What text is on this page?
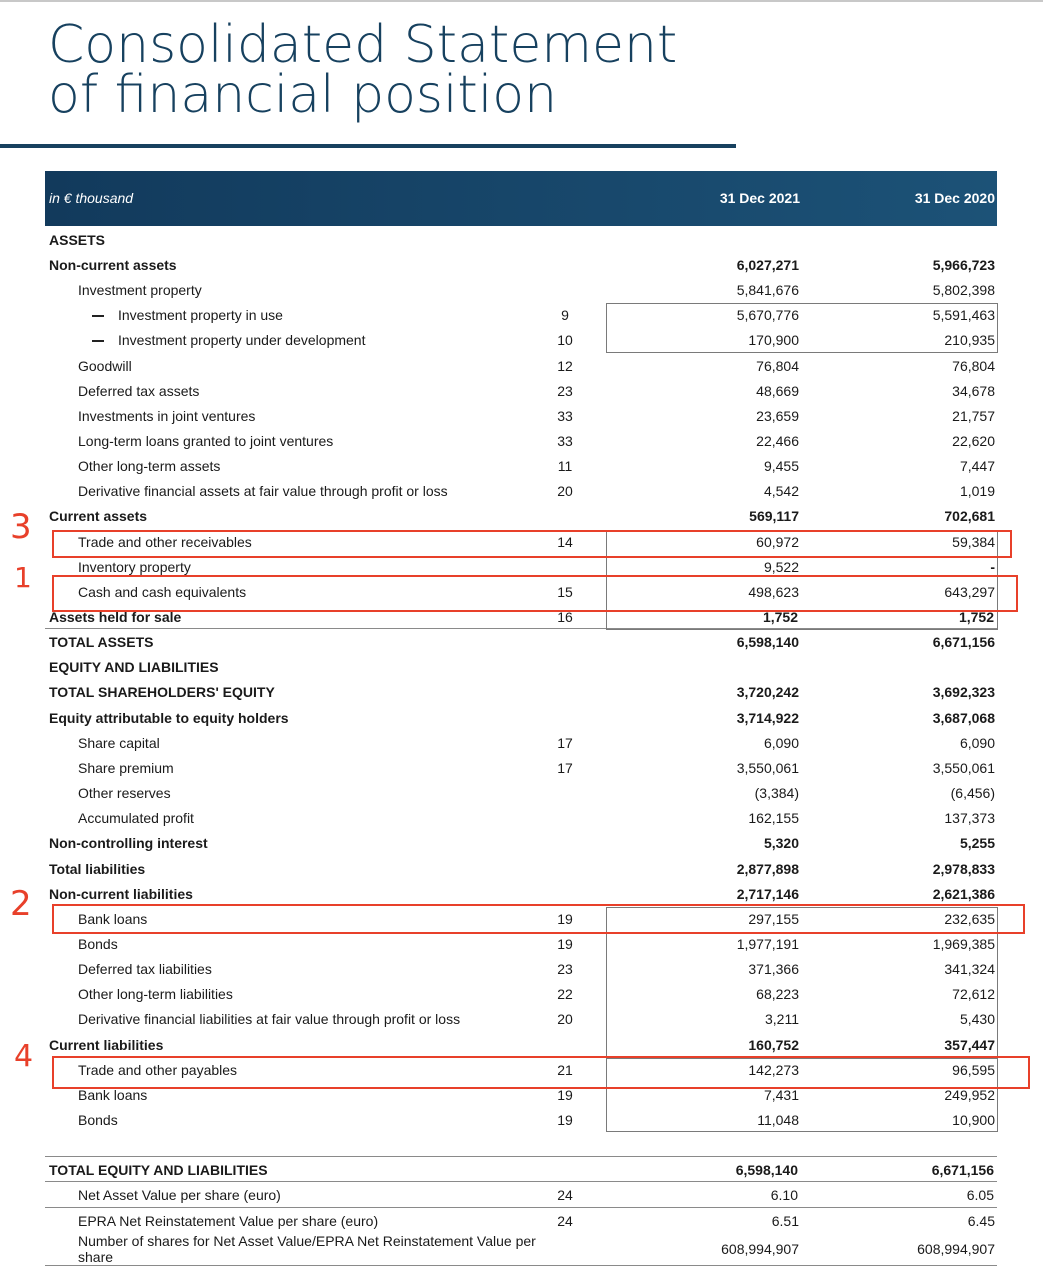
Consolidated Statement
of financial position
in € thousand	31 Dec 2021	31 Dec 2020
ASSETS
Non-current assets	6,027,271	5,966,723
Investment property	5,841,676	5,802,398
Investment property in use	9	5,670,776	5,591,463
Investment property under development	10	170,900	210,935
Goodwill	12	76,804	76,804
Deferred tax assets	23	48,669	34,678
Investments in joint ventures	33	23,659	21,757
Long-term loans granted to joint ventures	33	22,466	22,620
Other long-term assets	11	9,455	7,447
Derivative financial assets at fair value through profit or loss	20	4,542	1,019
Current assets	569,117	702,681
Trade and other receivables	14	60,972	59,384
Inventory property	9,522	-
Cash and cash equivalents	15	498,623	643,297
Assets held for sale	16	1,752	1,752
TOTAL ASSETS	6,598,140	6,671,156
EQUITY AND LIABILITIES
TOTAL SHAREHOLDERS' EQUITY	3,720,242	3,692,323
Equity attributable to equity holders	3,714,922	3,687,068
Share capital	17	6,090	6,090
Share premium	17	3,550,061	3,550,061
Other reserves	(3,384)	(6,456)
Accumulated profit	162,155	137,373
Non-controlling interest	5,320	5,255
Total liabilities	2,877,898	2,978,833
Non-current liabilities	2,717,146	2,621,386
Bank loans	19	297,155	232,635
Bonds	19	1,977,191	1,969,385
Deferred tax liabilities	23	371,366	341,324
Other long-term liabilities	22	68,223	72,612
Derivative financial liabilities at fair value through profit or loss	20	3,211	5,430
Current liabilities	160,752	357,447
Trade and other payables	21	142,273	96,595
Bank loans	19	7,431	249,952
Bonds	19	11,048	10,900
TOTAL EQUITY AND LIABILITIES	6,598,140	6,671,156
Net Asset Value per share (euro)	24	6.10	6.05
EPRA Net Reinstatement Value per share (euro)	24	6.51	6.45
Number of shares for Net Asset Value/EPRA Net Reinstatement Value per share	608,994,907	608,994,907
3
1
2
4
